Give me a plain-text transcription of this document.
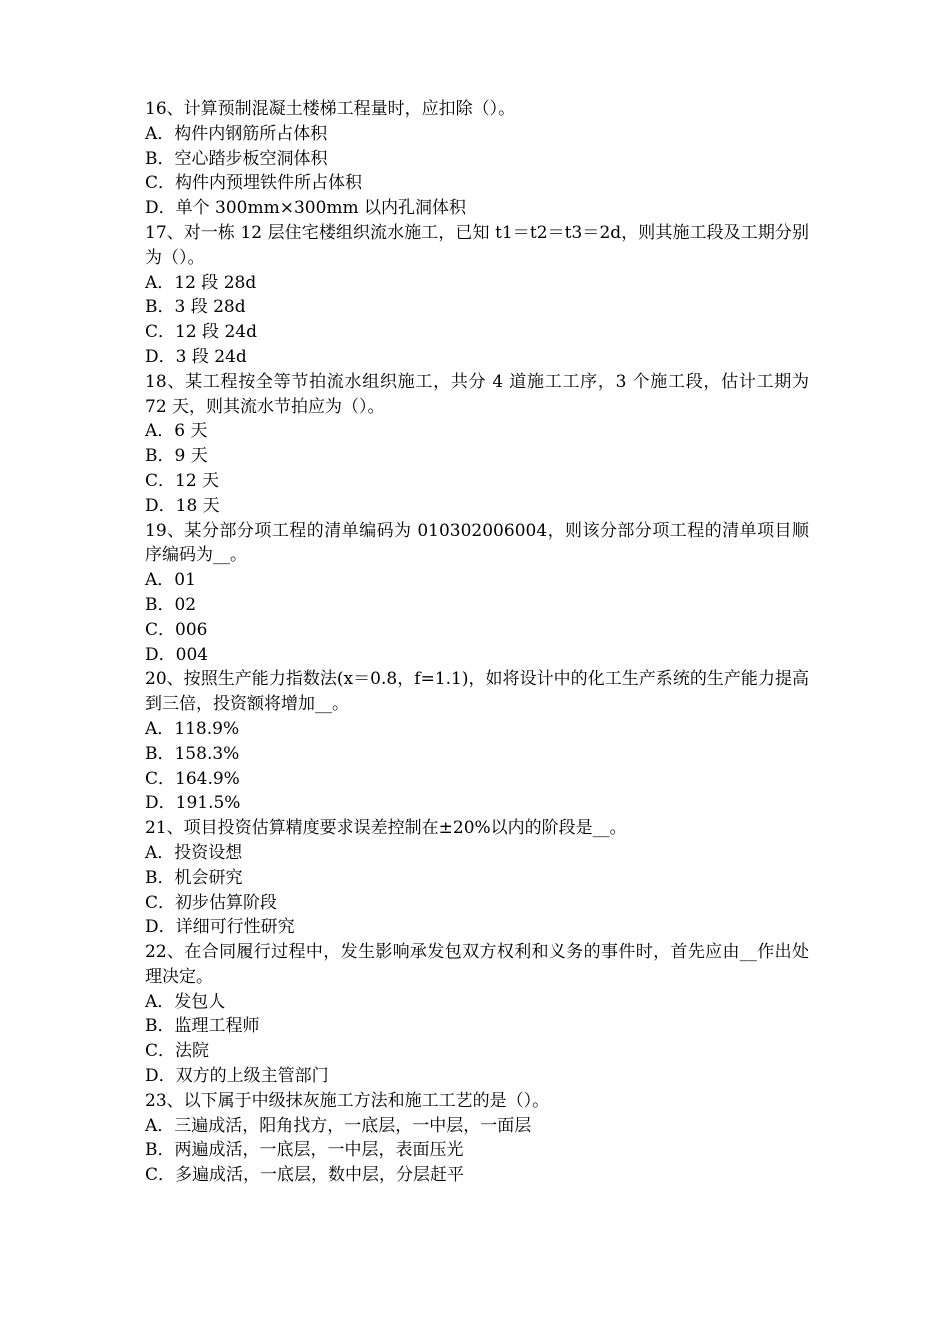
16、计算预制混凝土楼梯工程量时，应扣除（）。

A．构件内钢筋所占体积

B．空心踏步板空洞体积

C．构件内预埋铁件所占体积

D．单个 300mm×300mm 以内孔洞体积

17、对一栋 12 层住宅楼组织流水施工，已知 t1＝t2＝t3＝2d，则其施工段及工期分别为（）。

A．12 段 28d

B．3 段 28d

C．12 段 24d

D．3 段 24d

18、某工程按全等节拍流水组织施工，共分 4 道施工工序，3 个施工段，估计工期为 72 天，则其流水节拍应为（）。

A．6 天

B．9 天

C．12 天

D．18 天

19、某分部分项工程的清单编码为 010302006004，则该分部分项工程的清单项目顺序编码为__。

A．01

B．02

C．006

D．004

20、按照生产能力指数法(x＝0.8，f=1.1)，如将设计中的化工生产系统的生产能力提高到三倍，投资额将增加__。

A．118.9%

B．158.3%

C．164.9%

D．191.5%

21、项目投资估算精度要求误差控制在±20%以内的阶段是__。

A．投资设想

B．机会研究

C．初步估算阶段

D．详细可行性研究

22、在合同履行过程中，发生影响承发包双方权利和义务的事件时，首先应由__作出处理决定。

A．发包人

B．监理工程师

C．法院

D．双方的上级主管部门

23、以下属于中级抹灰施工方法和施工工艺的是（）。

A．三遍成活，阳角找方，一底层，一中层，一面层

B．两遍成活，一底层，一中层，表面压光

C．多遍成活，一底层，数中层，分层赶平
